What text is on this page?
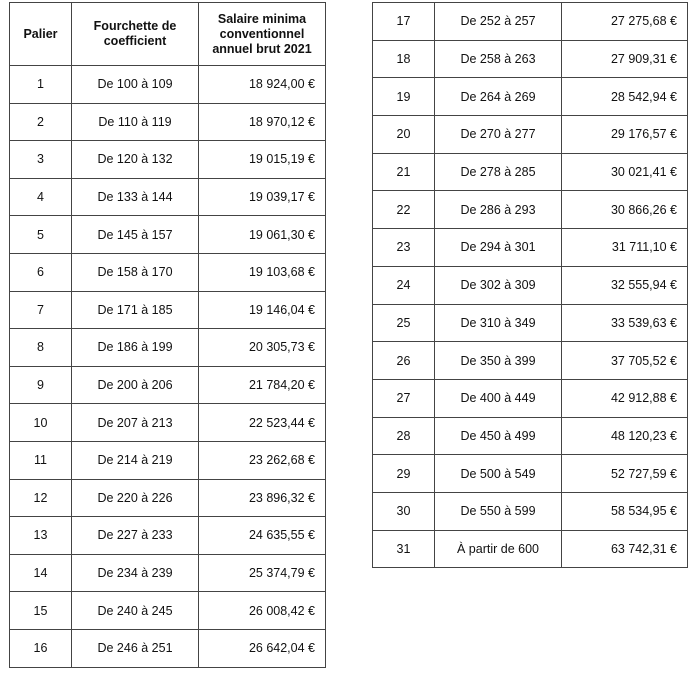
Palier	Fourchette de coefficient	Salaire minima conventionnel annuel brut 2021
1	De 100 à 109	18 924,00 €
2	De 110 à 119	18 970,12 €
3	De 120 à 132	19 015,19 €
4	De 133 à 144	19 039,17 €
5	De 145 à 157	19 061,30 €
6	De 158 à 170	19 103,68 €
7	De 171 à 185	19 146,04 €
8	De 186 à 199	20 305,73 €
9	De 200 à 206	21 784,20 €
10	De 207 à 213	22 523,44 €
11	De 214 à 219	23 262,68 €
12	De 220 à 226	23 896,32 €
13	De 227 à 233	24 635,55 €
14	De 234 à 239	25 374,79 €
15	De 240 à 245	26 008,42 €
16	De 246 à 251	26 642,04 €
17	De 252 à 257	27 275,68 €
18	De 258 à 263	27 909,31 €
19	De 264 à 269	28 542,94 €
20	De 270 à 277	29 176,57 €
21	De 278 à 285	30 021,41 €
22	De 286 à 293	30 866,26 €
23	De 294 à 301	31 711,10 €
24	De 302 à 309	32 555,94 €
25	De 310 à 349	33 539,63 €
26	De 350 à 399	37 705,52 €
27	De 400 à 449	42 912,88 €
28	De 450 à 499	48 120,23 €
29	De 500 à 549	52 727,59 €
30	De 550 à 599	58 534,95 €
31	À partir de 600	63 742,31 €
